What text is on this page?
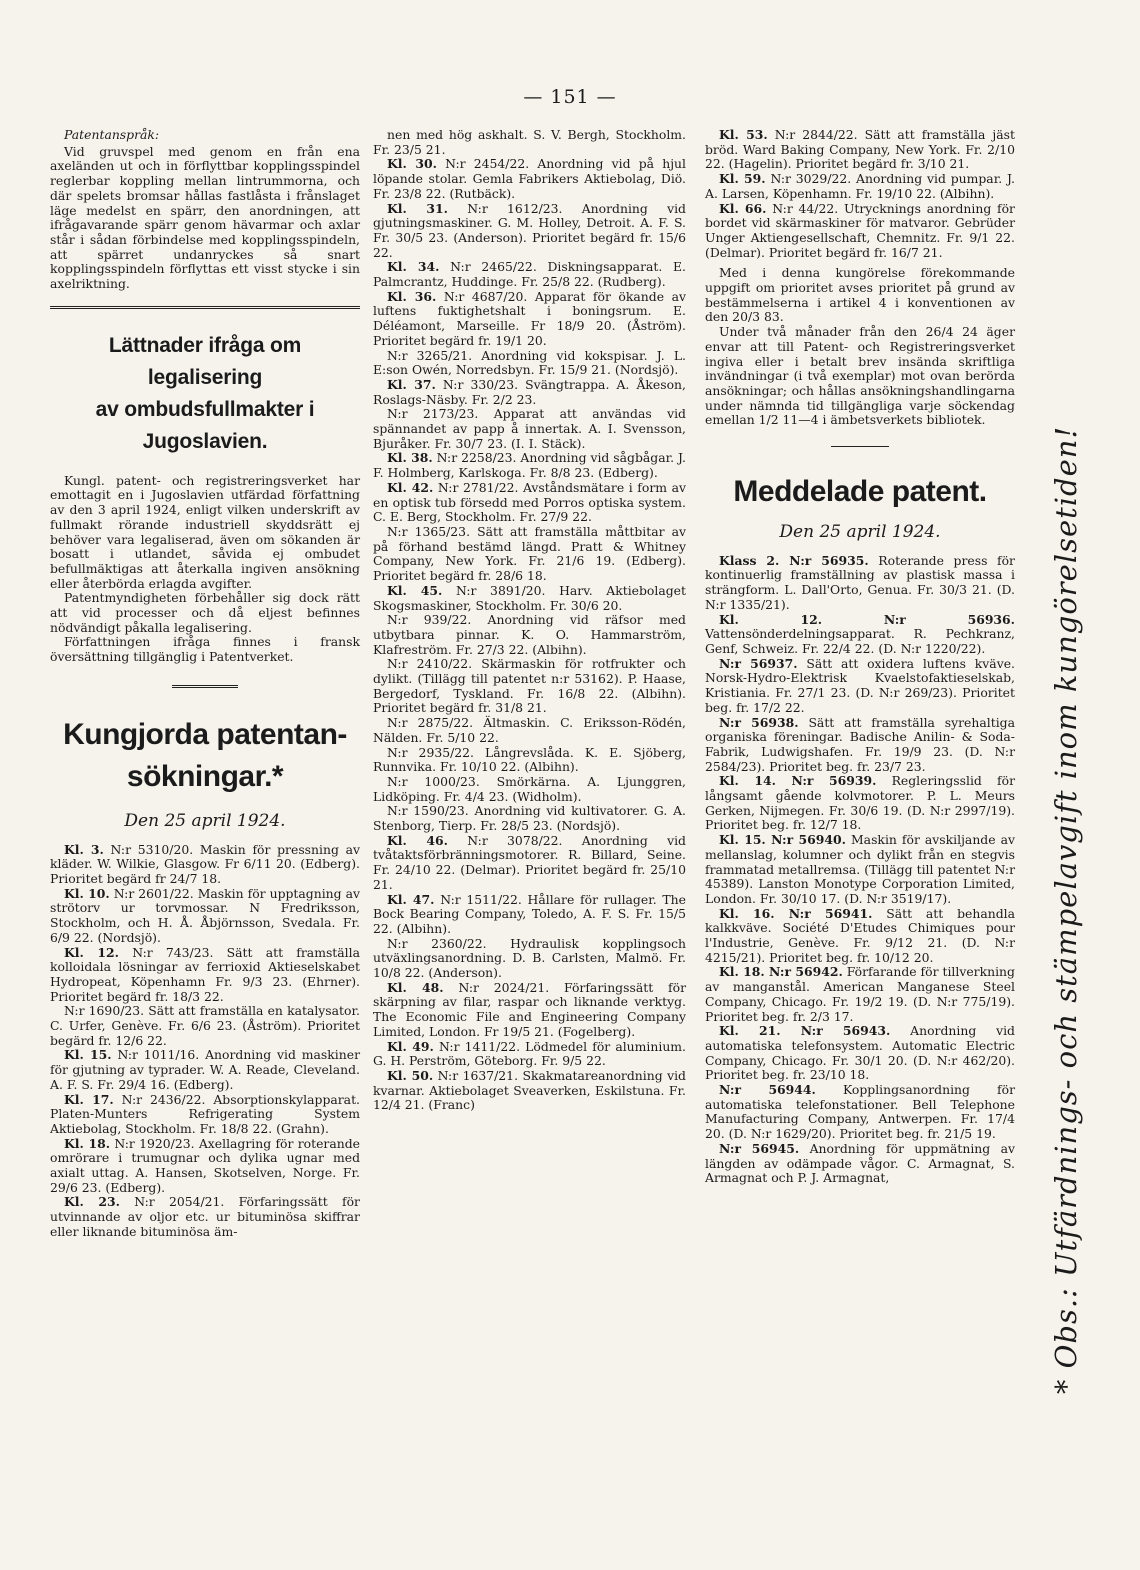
— 151 —
Patentanspråk:

Vid gruvspel med genom en från ena axeländen ut och in förflyttbar kopplingsspindel reglerbar koppling mellan lintrummorna, och där spelets bromsar hållas fastlåsta i frånslaget läge medelst en spärr, den anordningen, att ifrågavarande spärr genom hävarmar och axlar står i sådan förbindelse med kopplingsspindeln, att spärret undanryckes så snart kopplingsspindeln förflyttas ett visst stycke i sin axelriktning.

Lättnader ifråga om legalisering
av ombudsfullmakter i
Jugoslavien.

Kungl. patent- och registreringsverket har emottagit en i Jugoslavien utfärdad författning av den 3 april 1924, enligt vilken underskrift av fullmakt rörande industriell skyddsrätt ej behöver vara legaliserad, även om sökanden är bosatt i utlandet, såvida ej ombudet befullmäktigas att återkalla ingiven ansökning eller återbörda erlagda avgifter.

Patentmyndigheten förbehåller sig dock rätt att vid processer och då eljest befinnes nödvändigt påkalla legalisering.

Författningen ifråga finnes i fransk översättning tillgänglig i Patentverket.

Kungjorda patentan-
sökningar.*
Den 25 april 1924.

Kl. 3. N:r 5310/20. Maskin för pressning av kläder. W. Wilkie, Glasgow. Fr 6/11 20. (Edberg). Prioritet begärd fr 24/7 18.

Kl. 10. N:r 2601/22. Maskin för upptagning av strötorv ur torvmossar. N Fredriksson, Stockholm, och H. Å. Åbjörnsson, Svedala. Fr. 6/9 22. (Nordsjö).

Kl. 12. N:r 743/23. Sätt att framställa kolloidala lösningar av ferrioxid Aktieselskabet Hydropeat, Köpenhamn Fr. 9/3 23. (Ehrner). Prioritet begärd fr. 18/3 22.

N:r 1690/23. Sätt att framställa en katalysator. C. Urfer, Genève. Fr. 6/6 23. (Åström). Prioritet begärd fr. 12/6 22.

Kl. 15. N:r 1011/16. Anordning vid maskiner för gjutning av typrader. W. A. Reade, Cleveland. A. F. S. Fr. 29/4 16. (Edberg).

Kl. 17. N:r 2436/22. Absorptionskylapparat. Platen-Munters Refrigerating System Aktiebolag, Stockholm. Fr. 18/8 22. (Grahn).

Kl. 18. N:r 1920/23. Axellagring för roterande omrörare i trumugnar och dylika ugnar med axialt uttag. A. Hansen, Skotselven, Norge. Fr. 29/6 23. (Edberg).

Kl. 23. N:r 2054/21. Förfaringssätt för utvinnande av oljor etc. ur bituminösa skiffrar eller liknande bituminösa äm-

nen med hög askhalt. S. V. Bergh, Stockholm. Fr. 23/5 21.

Kl. 30. N:r 2454/22. Anordning vid på hjul löpande stolar. Gemla Fabrikers Aktiebolag, Diö. Fr. 23/8 22. (Rutbäck).

Kl. 31. N:r 1612/23. Anordning vid gjutningsmaskiner. G. M. Holley, Detroit. A. F. S. Fr. 30/5 23. (Anderson). Prioritet begärd fr. 15/6 22.

Kl. 34. N:r 2465/22. Diskningsapparat. E. Palmcrantz, Huddinge. Fr. 25/8 22. (Rudberg).

Kl. 36. N:r 4687/20. Apparat för ökande av luftens fuktighetshalt i boningsrum. E. Déléamont, Marseille. Fr 18/9 20. (Åström). Prioritet begärd fr. 19/1 20.

N:r 3265/21. Anordning vid kokspisar. J. L. E:son Owén, Norredsbyn. Fr. 15/9 21. (Nordsjö).

Kl. 37. N:r 330/23. Svängtrappa. A. Åkeson, Roslags-Näsby. Fr. 2/2 23.

N:r 2173/23. Apparat att användas vid spännandet av papp å innertak. A. I. Svensson, Bjuråker. Fr. 30/7 23. (I. I. Stäck).

Kl. 38. N:r 2258/23. Anordning vid sågbågar. J. F. Holmberg, Karlskoga. Fr. 8/8 23. (Edberg).

Kl. 42. N:r 2781/22. Avståndsmätare i form av en optisk tub försedd med Porros optiska system. C. E. Berg, Stockholm. Fr. 27/9 22.

N:r 1365/23. Sätt att framställa måttbitar av på förhand bestämd längd. Pratt & Whitney Company, New York. Fr. 21/6 19. (Edberg). Prioritet begärd fr. 28/6 18.

Kl. 45. N:r 3891/20. Harv. Aktiebolaget Skogsmaskiner, Stockholm. Fr. 30/6 20.

N:r 939/22. Anordning vid räfsor med utbytbara pinnar. K. O. Hammarström, Klafreström. Fr. 27/3 22. (Albihn).

N:r 2410/22. Skärmaskin för rotfrukter och dylikt. (Tillägg till patentet n:r 53162). P. Haase, Bergedorf, Tyskland. Fr. 16/8 22. (Albihn). Prioritet begärd fr. 31/8 21.

N:r 2875/22. Ältmaskin. C. Eriksson-Rödén, Nälden. Fr. 5/10 22.

N:r 2935/22. Långrevslåda. K. E. Sjöberg, Runnvika. Fr. 10/10 22. (Albihn).

N:r 1000/23. Smörkärna. A. Ljunggren, Lidköping. Fr. 4/4 23. (Widholm).

N:r 1590/23. Anordning vid kultivatorer. G. A. Stenborg, Tierp. Fr. 28/5 23. (Nordsjö).

Kl. 46. N:r 3078/22. Anordning vid tvåtaktsförbränningsmotorer. R. Billard, Seine. Fr. 24/10 22. (Delmar). Prioritet begärd fr. 25/10 21.

Kl. 47. N:r 1511/22. Hållare för rullager. The Bock Bearing Company, Toledo, A. F. S. Fr. 15/5 22. (Albihn).

N:r 2360/22. Hydraulisk kopplingsoch utväxlingsanordning. D. B. Carlsten, Malmö. Fr. 10/8 22. (Anderson).

Kl. 48. N:r 2024/21. Förfaringssätt för skärpning av filar, raspar och liknande verktyg. The Economic File and Engineering Company Limited, London. Fr 19/5 21. (Fogelberg).

Kl. 49. N:r 1411/22. Lödmedel för aluminium. G. H. Perström, Göteborg. Fr. 9/5 22.

Kl. 50. N:r 1637/21. Skakmatareanordning vid kvarnar. Aktiebolaget Sveaverken, Eskilstuna. Fr. 12/4 21. (Franc)

Kl. 53. N:r 2844/22. Sätt att framställa jäst bröd. Ward Baking Company, New York. Fr. 2/10 22. (Hagelin). Prioritet begärd fr. 3/10 21.

Kl. 59. N:r 3029/22. Anordning vid pumpar. J. A. Larsen, Köpenhamn. Fr. 19/10 22. (Albihn).

Kl. 66. N:r 44/22. Utrycknings anordning för bordet vid skärmaskiner för matvaror. Gebrüder Unger Aktiengesellschaft, Chemnitz. Fr. 9/1 22. (Delmar). Prioritet begärd fr. 16/7 21.

Med i denna kungörelse förekommande uppgift om prioritet avses prioritet på grund av bestämmelserna i artikel 4 i konventionen av den 20/3 83.

Under två månader från den 26/4 24 äger envar att till Patent- och Registreringsverket ingiva eller i betalt brev insända skriftliga invändningar (i två exemplar) mot ovan berörda ansökningar; och hållas ansökningshandlingarna under nämnda tid tillgängliga varje söckendag emellan 1/2 11—4 i ämbetsverkets bibliotek.

Meddelade patent.
Den 25 april 1924.

Klass 2. N:r 56935. Roterande press för kontinuerlig framställning av plastisk massa i strängform. L. Dall'Orto, Genua. Fr. 30/3 21. (D. N:r 1335/21).

Kl. 12. N:r 56936. Vattensönderdelningsapparat. R. Pechkranz, Genf, Schweiz. Fr. 22/4 22. (D. N:r 1220/22).

N:r 56937. Sätt att oxidera luftens kväve. Norsk-Hydro-Elektrisk Kvaelstofaktieselskab, Kristiania. Fr. 27/1 23. (D. N:r 269/23). Prioritet beg. fr. 17/2 22.

N:r 56938. Sätt att framställa syrehaltiga organiska föreningar. Badische Anilin- & Soda-Fabrik, Ludwigshafen. Fr. 19/9 23. (D. N:r 2584/23). Prioritet beg. fr. 23/7 23.

Kl. 14. N:r 56939. Regleringsslid för långsamt gående kolvmotorer. P. L. Meurs Gerken, Nijmegen. Fr. 30/6 19. (D. N:r 2997/19). Prioritet beg. fr. 12/7 18.

Kl. 15. N:r 56940. Maskin för avskiljande av mellanslag, kolumner och dylikt från en stegvis frammatad metallremsa. (Tillägg till patentet N:r 45389). Lanston Monotype Corporation Limited, London. Fr. 30/10 17. (D. N:r 3519/17).

Kl. 16. N:r 56941. Sätt att behandla kalkkväve. Société D'Etudes Chimiques pour l'Industrie, Genève. Fr. 9/12 21. (D. N:r 4215/21). Prioritet beg. fr. 10/12 20.

Kl. 18. N:r 56942. Förfarande för tillverkning av manganstål. American Manganese Steel Company, Chicago. Fr. 19/2 19. (D. N:r 775/19). Prioritet beg. fr. 2/3 17.

Kl. 21. N:r 56943. Anordning vid automatiska telefonsystem. Automatic Electric Company, Chicago. Fr. 30/1 20. (D. N:r 462/20). Prioritet beg. fr. 23/10 18.

N:r 56944. Kopplingsanordning för automatiska telefonstationer. Bell Telephone Manufacturing Company, Antwerpen. Fr. 17/4 20. (D. N:r 1629/20). Prioritet beg. fr. 21/5 19.

N:r 56945. Anordning för uppmätning av längden av odämpade vågor. C. Armagnat, S. Armagnat och P. J. Armagnat,	* Obs.: Utfärdnings- och stämpelavgift inom kungörelsetiden!
